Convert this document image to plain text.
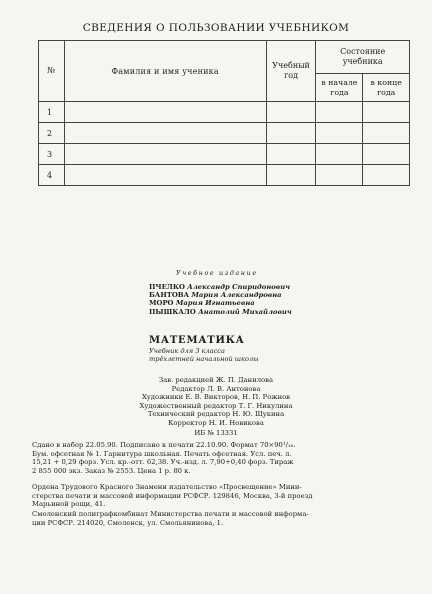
СВЕДЕНИЯ О ПОЛЬЗОВАНИИ УЧЕБНИКОМ
№	Фамилия и имя ученика	Учебный год	Состояние учебника	
			в начале года	в конце года
1				
2				
3				
4				
Учебное издание
ПЧЕЛКО Александр Спиридонович
БАНТОВА Мария Александровна
МОРО Мария Игнатьевна
ПЫШКАЛО Анатолий Михайлович
МАТЕМАТИКА
Учебник для 3 класса
трёхлетней начальной школы
Зав. редакцией Ж. П. Данилова
Редактор Л. В. Антонова
Художники Е. В. Викторов, Н. П. Рожнов
Художественный редактор Т. Г. Никулина
Технический редактор Н. Ю. Щукина
Корректор Н. И. Новикова
ИБ № 13331
Сдано в набор 22.05.90. Подписано к печати 22.10.90. Формат 70×90¹/₁₆.
Бум. офсетная № 1. Гарнитура школьная. Печать офсетная. Усл. печ. л.
15,21 + 0,29 форз. Усл. кр.-отт. 62,38. Уч.-изд. л. 7,90+0,40 форз. Тираж
2 855 000 экз. Заказ № 2553. Цена 1 р. 80 к.
Ордена Трудового Красного Знамени издательство «Просвещение» Мини-
стерства печати и массовой информации РСФСР. 129846, Москва, 3-й проезд
Марьиной рощи, 41.
Смоленский полиграфкомбинат Министерства печати и массовой информа-
ции РСФСР. 214020, Смоленск, ул. Смольянинова, 1.
